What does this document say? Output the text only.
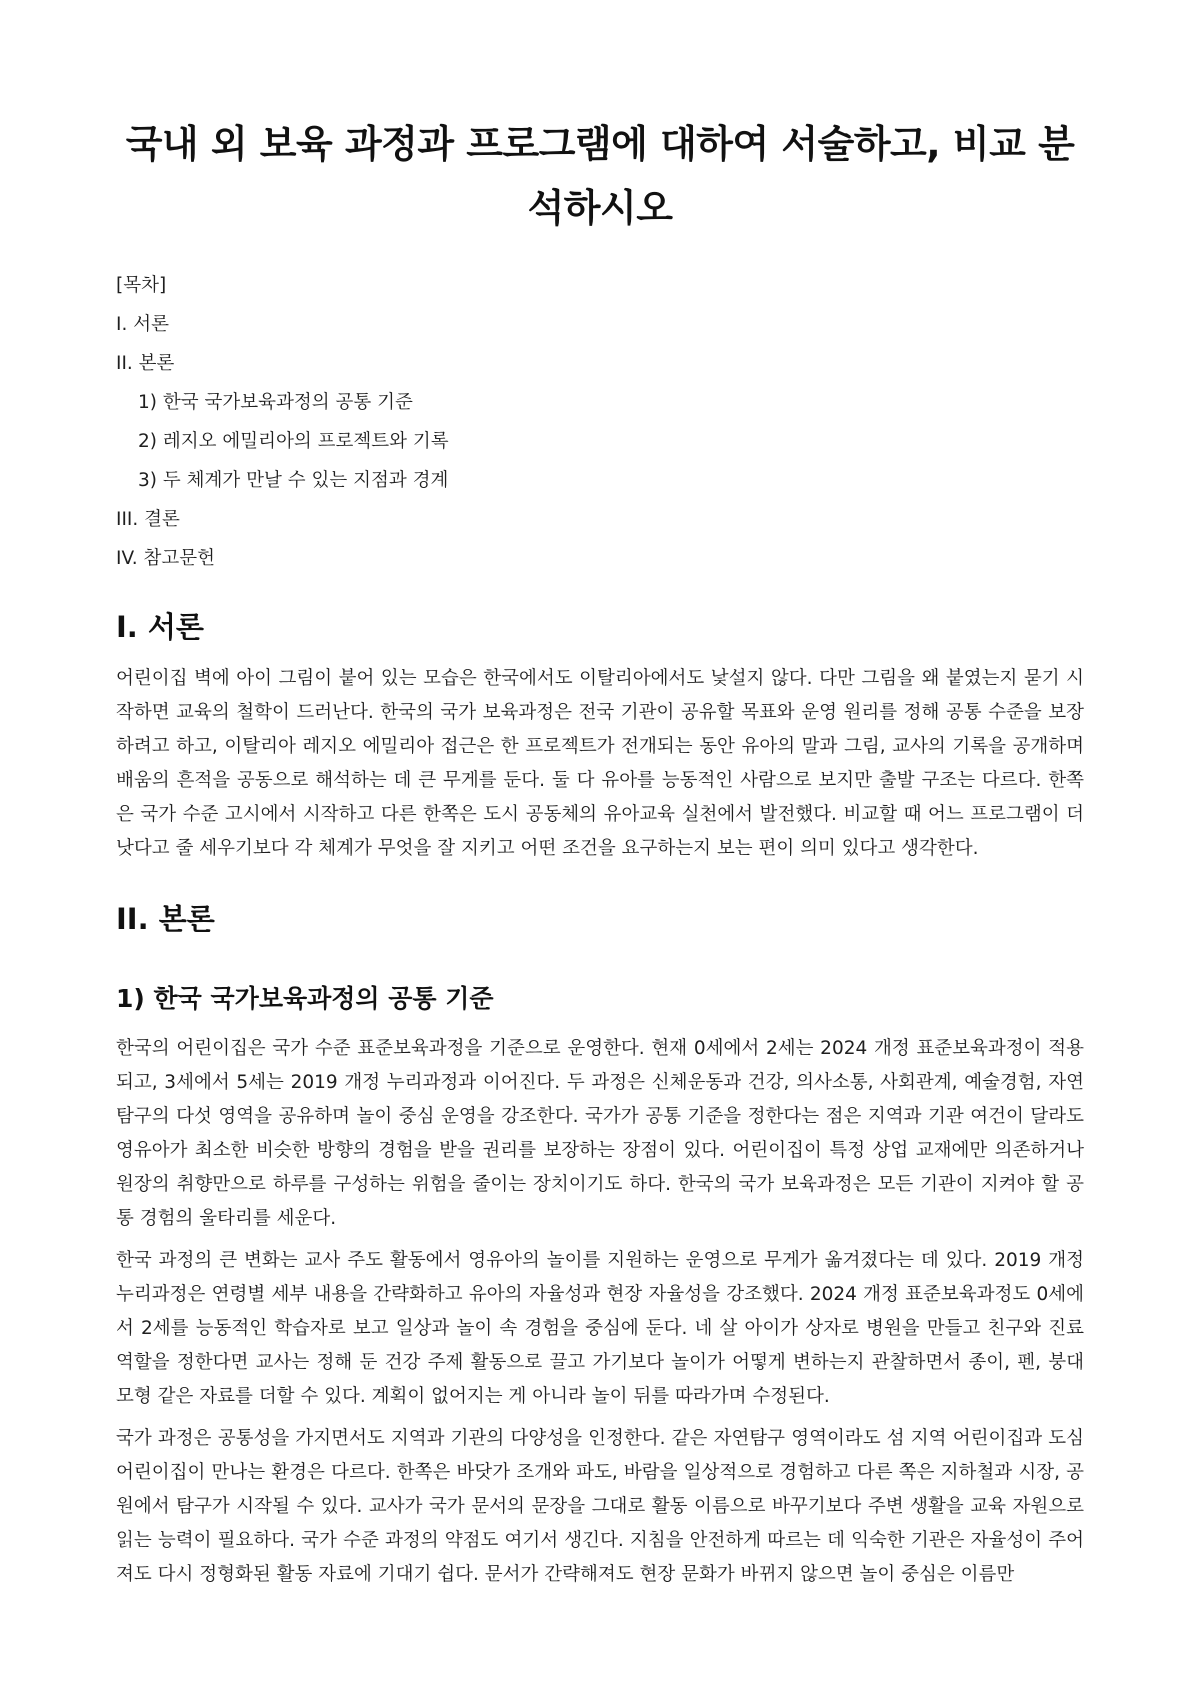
국내 외 보육 과정과 프로그램에 대하여 서술하고, 비교 분석하시오

[목차]

I. 서론

II. 본론

1) 한국 국가보육과정의 공통 기준

2) 레지오 에밀리아의 프로젝트와 기록

3) 두 체계가 만날 수 있는 지점과 경계

III. 결론

IV. 참고문헌

I. 서론

어린이집 벽에 아이 그림이 붙어 있는 모습은 한국에서도 이탈리아에서도 낯설지 않다. 다만 그림을 왜 붙였는지 묻기 시작하면 교육의 철학이 드러난다. 한국의 국가 보육과정은 전국 기관이 공유할 목표와 운영 원리를 정해 공통 수준을 보장하려고 하고, 이탈리아 레지오 에밀리아 접근은 한 프로젝트가 전개되는 동안 유아의 말과 그림, 교사의 기록을 공개하며 배움의 흔적을 공동으로 해석하는 데 큰 무게를 둔다. 둘 다 유아를 능동적인 사람으로 보지만 출발 구조는 다르다. 한쪽은 국가 수준 고시에서 시작하고 다른 한쪽은 도시 공동체의 유아교육 실천에서 발전했다. 비교할 때 어느 프로그램이 더 낫다고 줄 세우기보다 각 체계가 무엇을 잘 지키고 어떤 조건을 요구하는지 보는 편이 의미 있다고 생각한다.

II. 본론
1) 한국 국가보육과정의 공통 기준

한국의 어린이집은 국가 수준 표준보육과정을 기준으로 운영한다. 현재 0세에서 2세는 2024 개정 표준보육과정이 적용되고, 3세에서 5세는 2019 개정 누리과정과 이어진다. 두 과정은 신체운동과 건강, 의사소통, 사회관계, 예술경험, 자연탐구의 다섯 영역을 공유하며 놀이 중심 운영을 강조한다. 국가가 공통 기준을 정한다는 점은 지역과 기관 여건이 달라도 영유아가 최소한 비슷한 방향의 경험을 받을 권리를 보장하는 장점이 있다. 어린이집이 특정 상업 교재에만 의존하거나 원장의 취향만으로 하루를 구성하는 위험을 줄이는 장치이기도 하다. 한국의 국가 보육과정은 모든 기관이 지켜야 할 공통 경험의 울타리를 세운다.

한국 과정의 큰 변화는 교사 주도 활동에서 영유아의 놀이를 지원하는 운영으로 무게가 옮겨졌다는 데 있다. 2019 개정 누리과정은 연령별 세부 내용을 간략화하고 유아의 자율성과 현장 자율성을 강조했다. 2024 개정 표준보육과정도 0세에서 2세를 능동적인 학습자로 보고 일상과 놀이 속 경험을 중심에 둔다. 네 살 아이가 상자로 병원을 만들고 친구와 진료 역할을 정한다면 교사는 정해 둔 건강 주제 활동으로 끌고 가기보다 놀이가 어떻게 변하는지 관찰하면서 종이, 펜, 붕대 모형 같은 자료를 더할 수 있다. 계획이 없어지는 게 아니라 놀이 뒤를 따라가며 수정된다.

국가 과정은 공통성을 가지면서도 지역과 기관의 다양성을 인정한다. 같은 자연탐구 영역이라도 섬 지역 어린이집과 도심 어린이집이 만나는 환경은 다르다. 한쪽은 바닷가 조개와 파도, 바람을 일상적으로 경험하고 다른 쪽은 지하철과 시장, 공원에서 탐구가 시작될 수 있다. 교사가 국가 문서의 문장을 그대로 활동 이름으로 바꾸기보다 주변 생활을 교육 자원으로 읽는 능력이 필요하다. 국가 수준 과정의 약점도 여기서 생긴다. 지침을 안전하게 따르는 데 익숙한 기관은 자율성이 주어져도 다시 정형화된 활동 자료에 기대기 쉽다. 문서가 간략해져도 현장 문화가 바뀌지 않으면 놀이 중심은 이름만
